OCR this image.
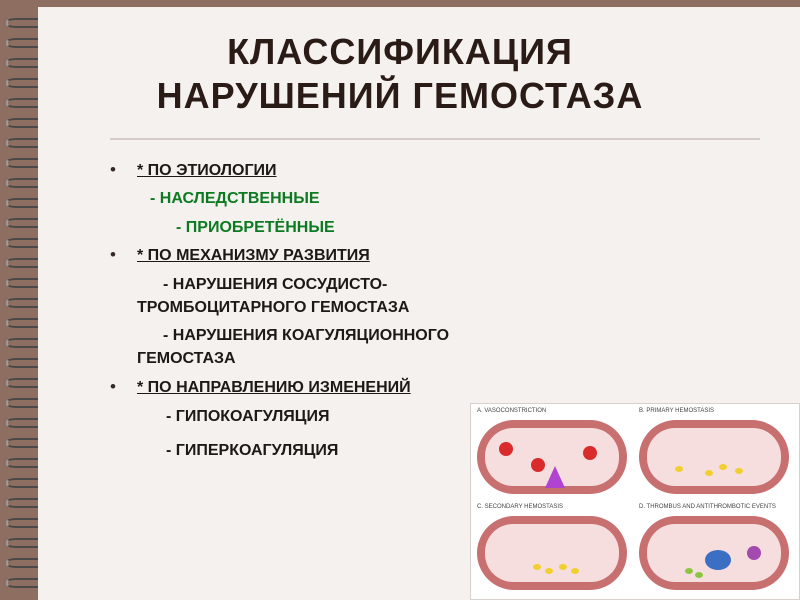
КЛАССИФИКАЦИЯ
НАРУШЕНИЙ ГЕМОСТАЗА
• * ПО ЭТИОЛОГИИ
- НАСЛЕДСТВЕННЫЕ
- ПРИОБРЕТЁННЫЕ
• * ПО МЕХАНИЗМУ РАЗВИТИЯ
- НАРУШЕНИЯ СОСУДИСТО-
ТРОМБОЦИТАРНОГО ГЕМОСТАЗА
- НАРУШЕНИЯ КОАГУЛЯЦИОННОГО
ГЕМОСТАЗА
• * ПО НАПРАВЛЕНИЮ ИЗМЕНЕНИЙ
- ГИПОКОАГУЛЯЦИЯ
- ГИПЕРКОАГУЛЯЦИЯ
A. VASOCONSTRICTION	B. PRIMARY HEMOSTASIS
C. SECONDARY HEMOSTASIS	D. THROMBUS AND ANTITHROMBOTIC EVENTS
